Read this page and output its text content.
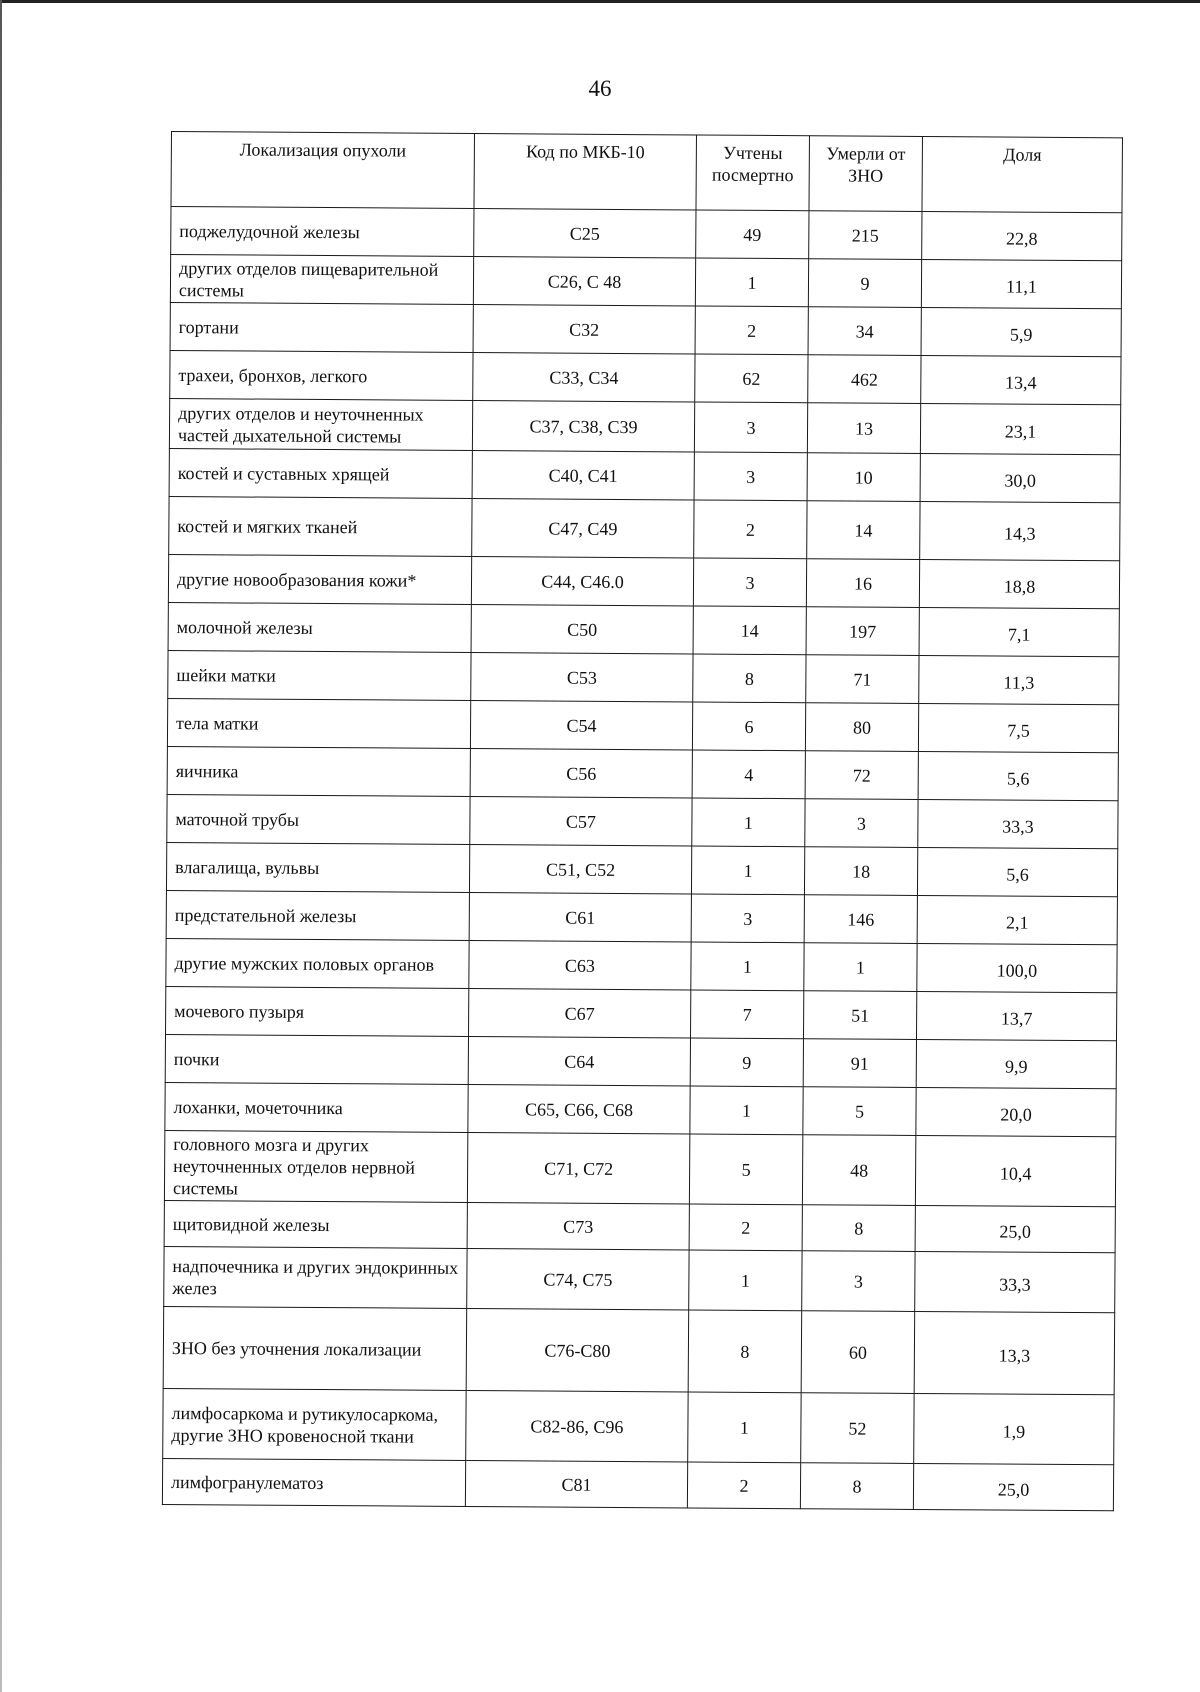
46
Локализация опухоли	Код по МКБ-10	Учтены посмертно	Умерли от ЗНО	Доля
поджелудочной железы	С25	49	215	22,8
других отделов пищеварительной системы	С26, С 48	1	9	11,1
гортани	С32	2	34	5,9
трахеи, бронхов, легкого	С33, С34	62	462	13,4
других отделов и неуточненных частей дыхательной системы	С37, С38, С39	3	13	23,1
костей и суставных хрящей	С40, С41	3	10	30,0
костей и мягких тканей	С47, С49	2	14	14,3
другие новообразования кожи*	С44, С46.0	3	16	18,8
молочной железы	С50	14	197	7,1
шейки матки	С53	8	71	11,3
тела матки	С54	6	80	7,5
яичника	С56	4	72	5,6
маточной трубы	С57	1	3	33,3
влагалища, вульвы	С51, С52	1	18	5,6
предстательной железы	С61	3	146	2,1
другие мужских половых органов	С63	1	1	100,0
мочевого пузыря	С67	7	51	13,7
почки	С64	9	91	9,9
лоханки, мочеточника	С65, С66, С68	1	5	20,0
головного мозга и других неуточненных отделов нервной системы	С71, С72	5	48	10,4
щитовидной железы	С73	2	8	25,0
надпочечника и других эндокринных желез	С74, С75	1	3	33,3
ЗНО без уточнения локализации	С76-С80	8	60	13,3
лимфосаркома и рутикулосаркома, другие ЗНО кровеносной ткани	С82-86, С96	1	52	1,9
лимфогранулематоз	С81	2	8	25,0
